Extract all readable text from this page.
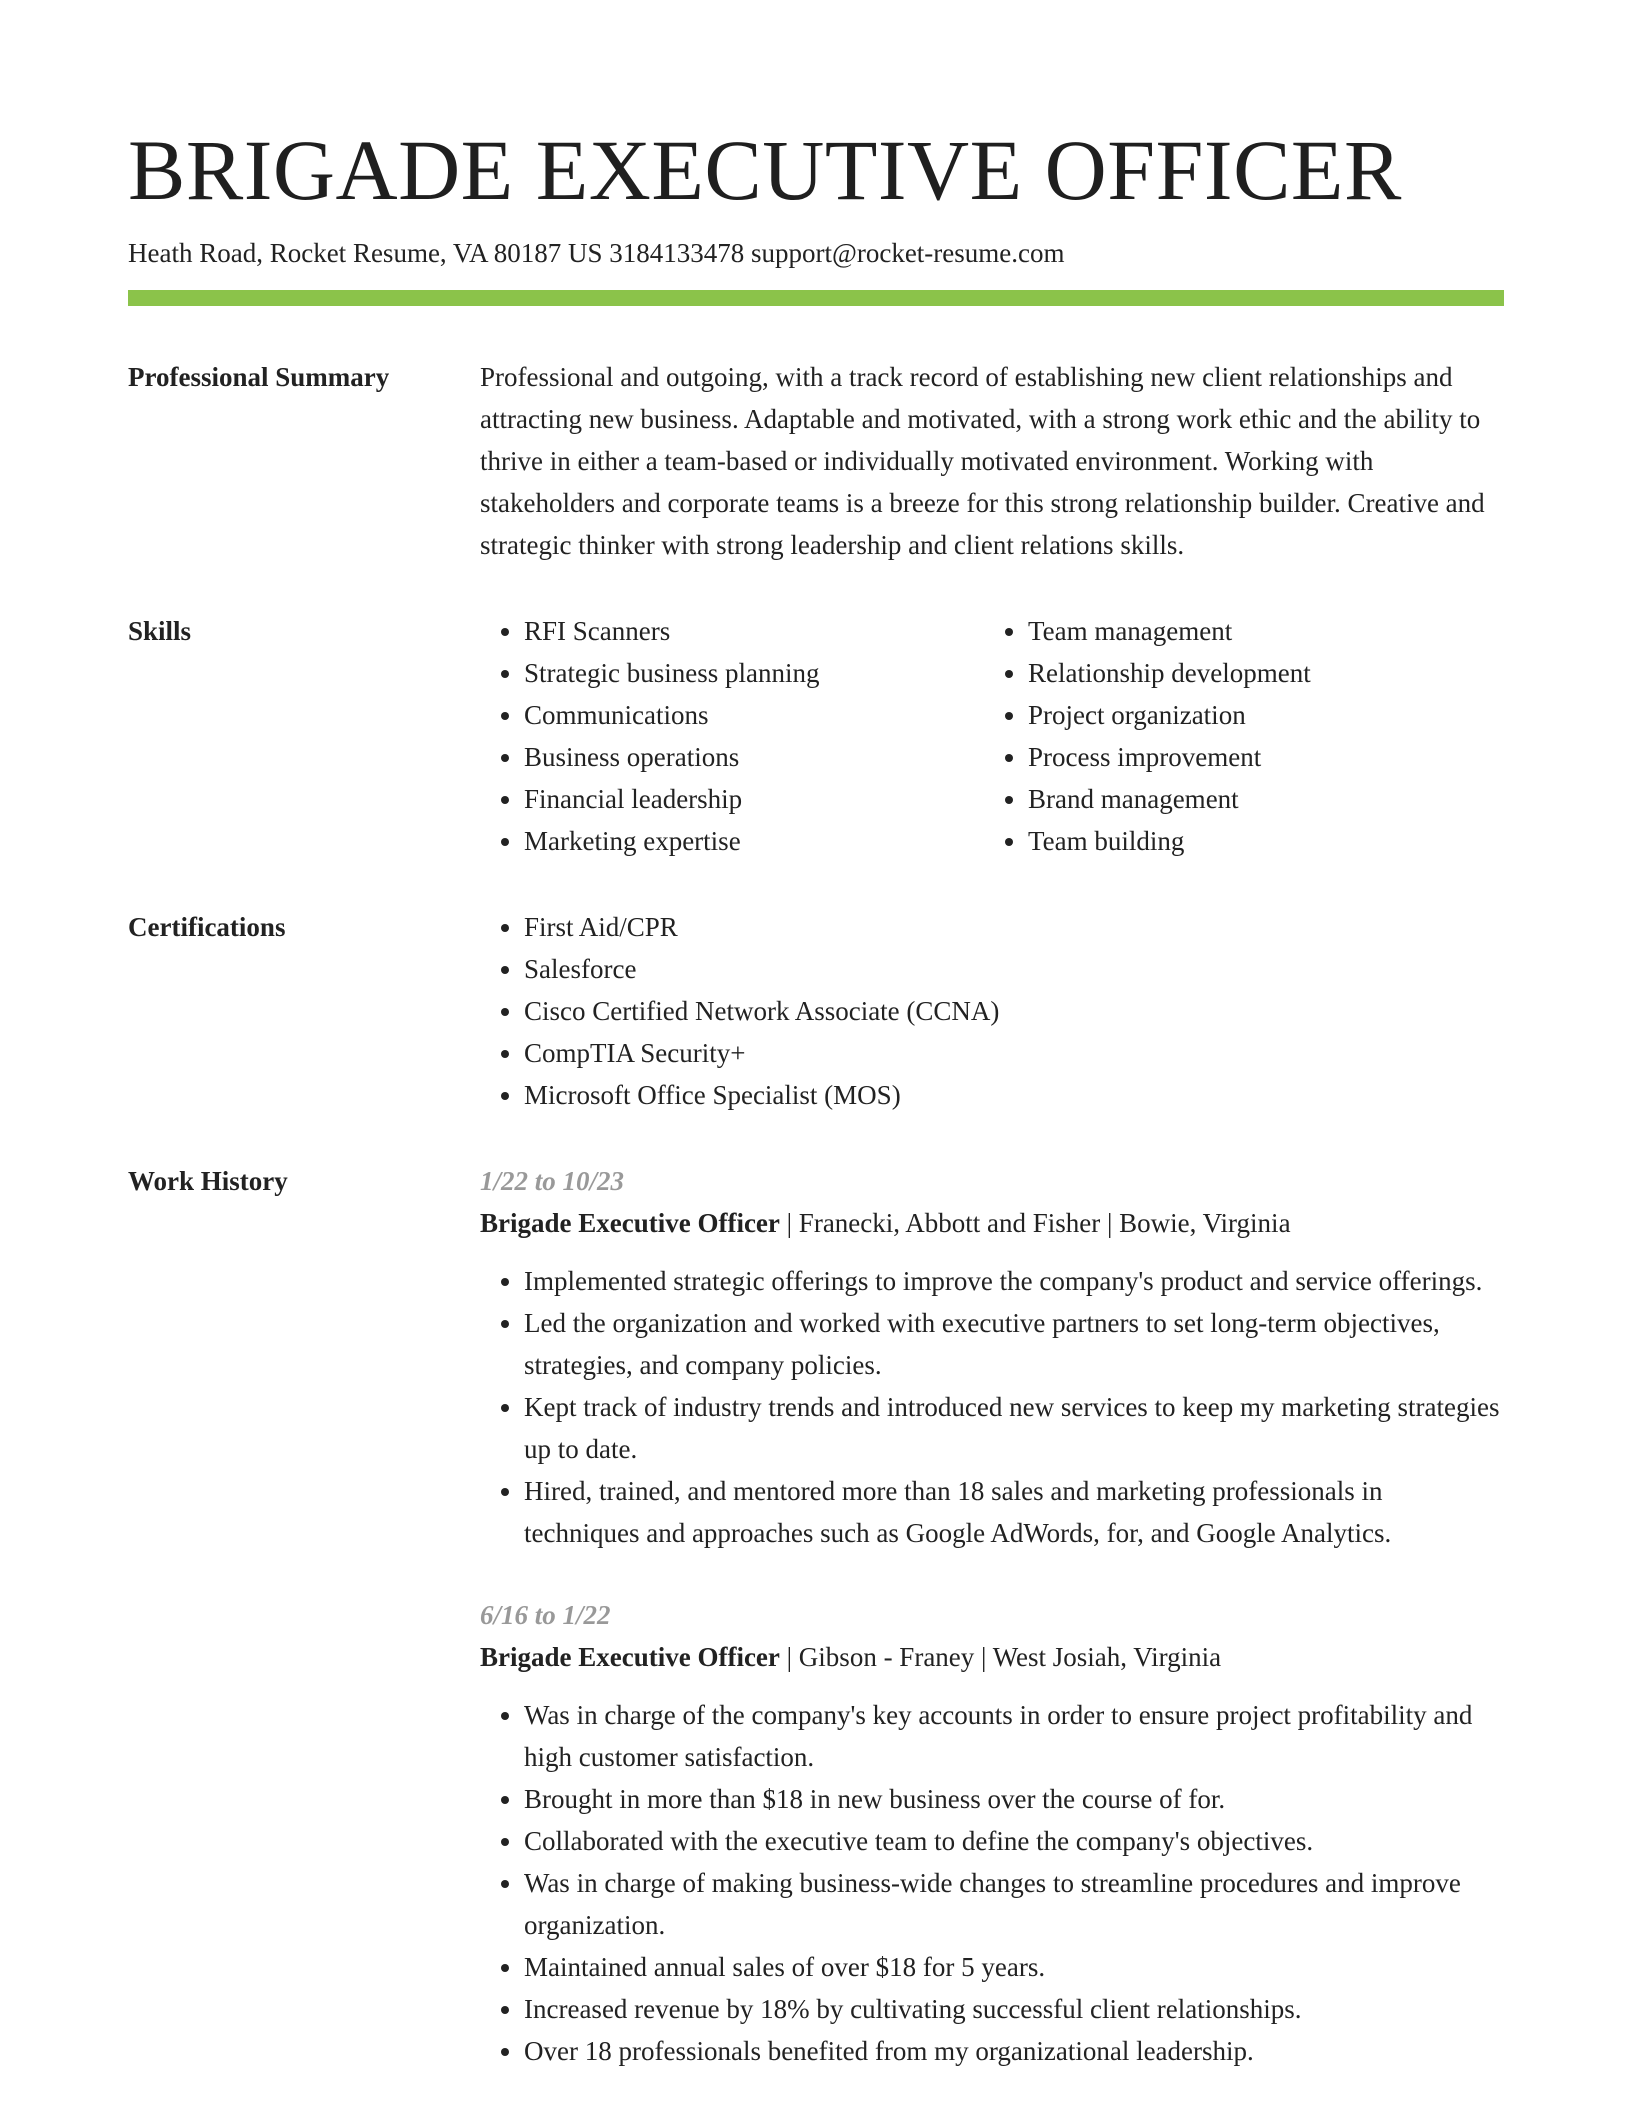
BRIGADE EXECUTIVE OFFICER
Heath Road, Rocket Resume, VA 80187 US 3184133478 support@rocket-resume.com
Professional Summary	Professional and outgoing, with a track record of establishing new client relationships and attracting new business. Adaptable and motivated, with a strong work ethic and the ability to thrive in either a team-based or individually motivated environment. Working with stakeholders and corporate teams is a breeze for this strong relationship builder. Creative and strategic thinker with strong leadership and client relations skills.

Skills	• RFI Scanners
• Strategic business planning
• Communications
• Business operations
• Financial leadership
• Marketing expertise
• Team management
• Relationship development
• Project organization
• Process improvement
• Brand management
• Team building
Certifications	• First Aid/CPR
• Salesforce
• Cisco Certified Network Associate (CCNA)
• CompTIA Security+
• Microsoft Office Specialist (MOS)
Work History	1/22 to 10/23
Brigade Executive Officer | Franecki, Abbott and Fisher | Bowie, Virginia
• Implemented strategic offerings to improve the company's product and service offerings.
• Led the organization and worked with executive partners to set long-term objectives, strategies, and company policies.
• Kept track of industry trends and introduced new services to keep my marketing strategies up to date.
• Hired, trained, and mentored more than 18 sales and marketing professionals in techniques and approaches such as Google AdWords, for, and Google Analytics.
6/16 to 1/22
Brigade Executive Officer | Gibson - Franey | West Josiah, Virginia
• Was in charge of the company's key accounts in order to ensure project profitability and high customer satisfaction.
• Brought in more than $18 in new business over the course of for.
• Collaborated with the executive team to define the company's objectives.
• Was in charge of making business-wide changes to streamline procedures and improve organization.
• Maintained annual sales of over $18 for 5 years.
• Increased revenue by 18% by cultivating successful client relationships.
• Over 18 professionals benefited from my organizational leadership.
